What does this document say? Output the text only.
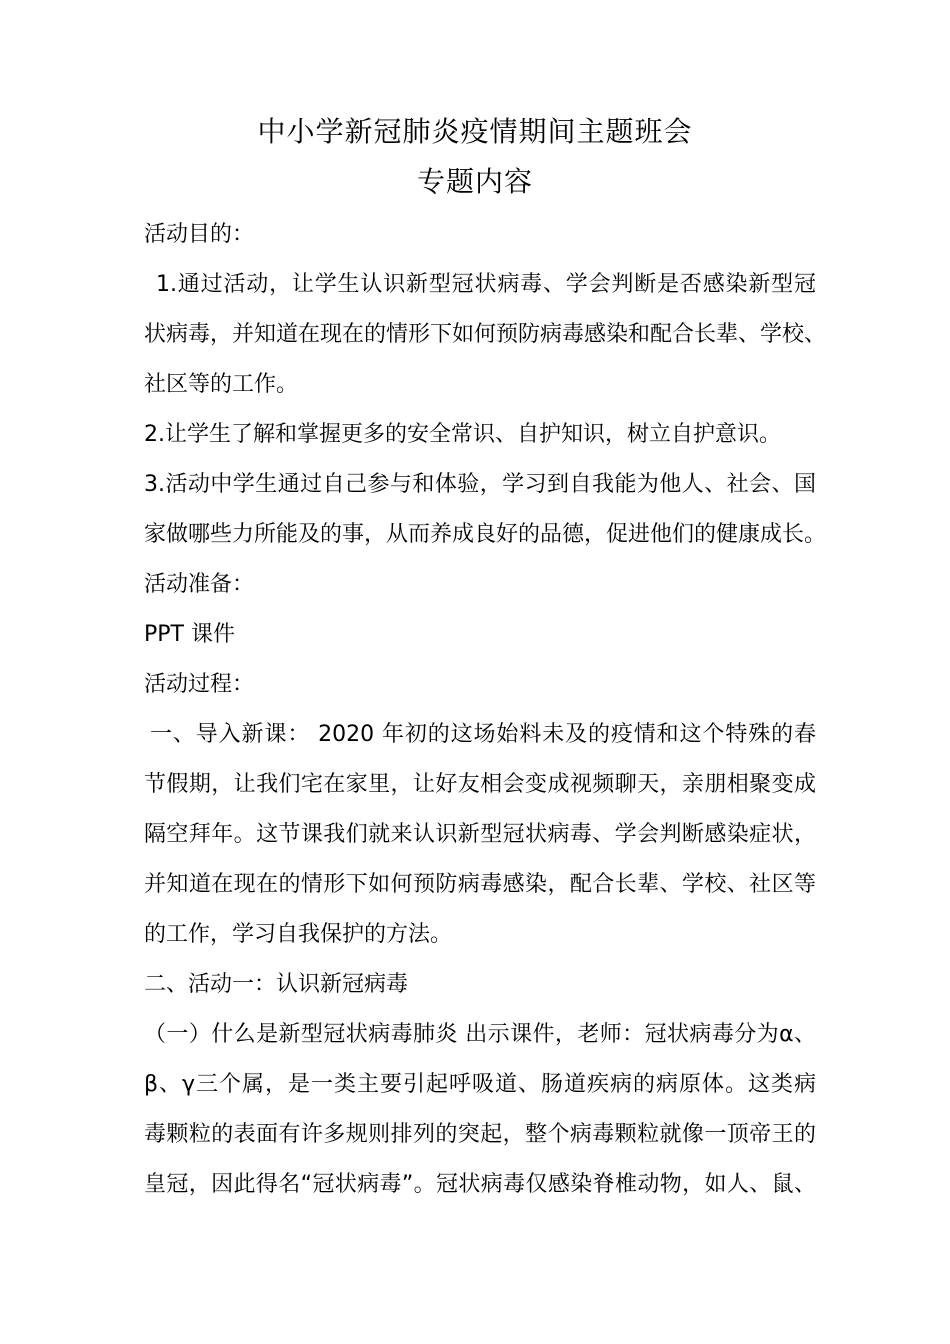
中小学新冠肺炎疫情期间主题班会
专题内容
活动目的：
1.通过活动，让学生认识新型冠状病毒、学会判断是否感染新型冠
状病毒，并知道在现在的情形下如何预防病毒感染和配合长辈、学校、
社区等的工作。
2.让学生了解和掌握更多的安全常识、自护知识，树立自护意识。
3.活动中学生通过自己参与和体验，学习到自我能为他人、社会、国
家做哪些力所能及的事，从而养成良好的品德，促进他们的健康成长。
活动准备：
PPT 课件
活动过程：
一、导入新课： 2020 年初的这场始料未及的疫情和这个特殊的春
节假期，让我们宅在家里，让好友相会变成视频聊天，亲朋相聚变成
隔空拜年。这节课我们就来认识新型冠状病毒、学会判断感染症状，
并知道在现在的情形下如何预防病毒感染，配合长辈、学校、社区等
的工作，学习自我保护的方法。
二、活动一：认识新冠病毒
（一）什么是新型冠状病毒肺炎 出示课件，老师：冠状病毒分为α、
β、γ三个属，是一类主要引起呼吸道、肠道疾病的病原体。这类病
毒颗粒的表面有许多规则排列的突起，整个病毒颗粒就像一顶帝王的
皇冠，因此得名“冠状病毒”。冠状病毒仅感染脊椎动物，如人、鼠、
